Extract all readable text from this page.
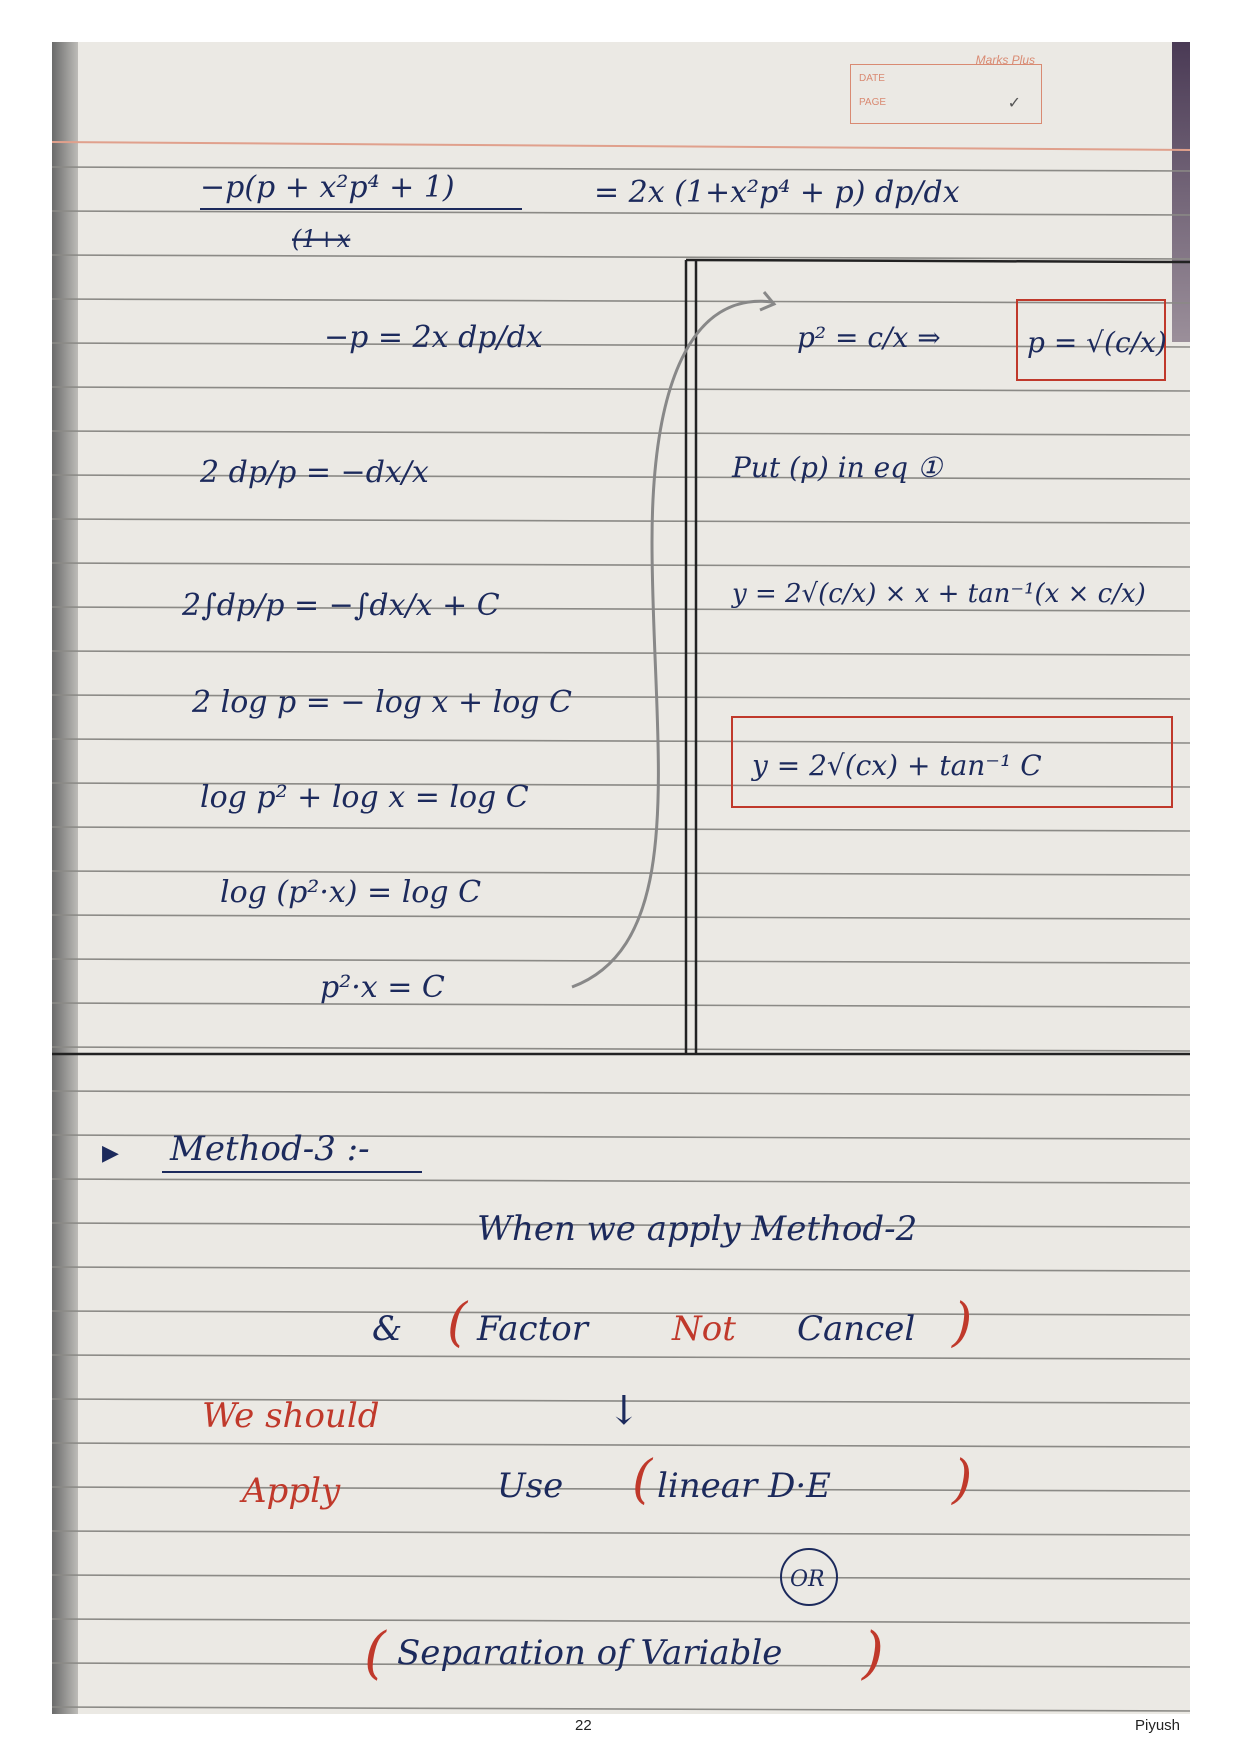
Marks Plus
DATE
PAGE	✓
−p(p + x²p⁴ + 1)
(1+x
= 2x (1+x²p⁴ + p) dp/dx
−p = 2x dp/dx
2 dp/p = −dx/x
2∫dp/p = −∫dx/x + C
2 log p = − log x + log C
log p² + log x = log C
log (p²·x) = log C
p²·x = C
p² = c/x ⇒	p = √(c/x)
Put (p) in eq ①
y = 2√(c/x) × x + tan⁻¹(x × c/x)
y = 2√(cx) + tan⁻¹ C
▶ Method-3 :-
When we apply Method-2
& ( Factor Not Cancel )
↓
We should
Apply	Use ( linear D·E )
OR
( Separation of Variable )
22	Piyush
